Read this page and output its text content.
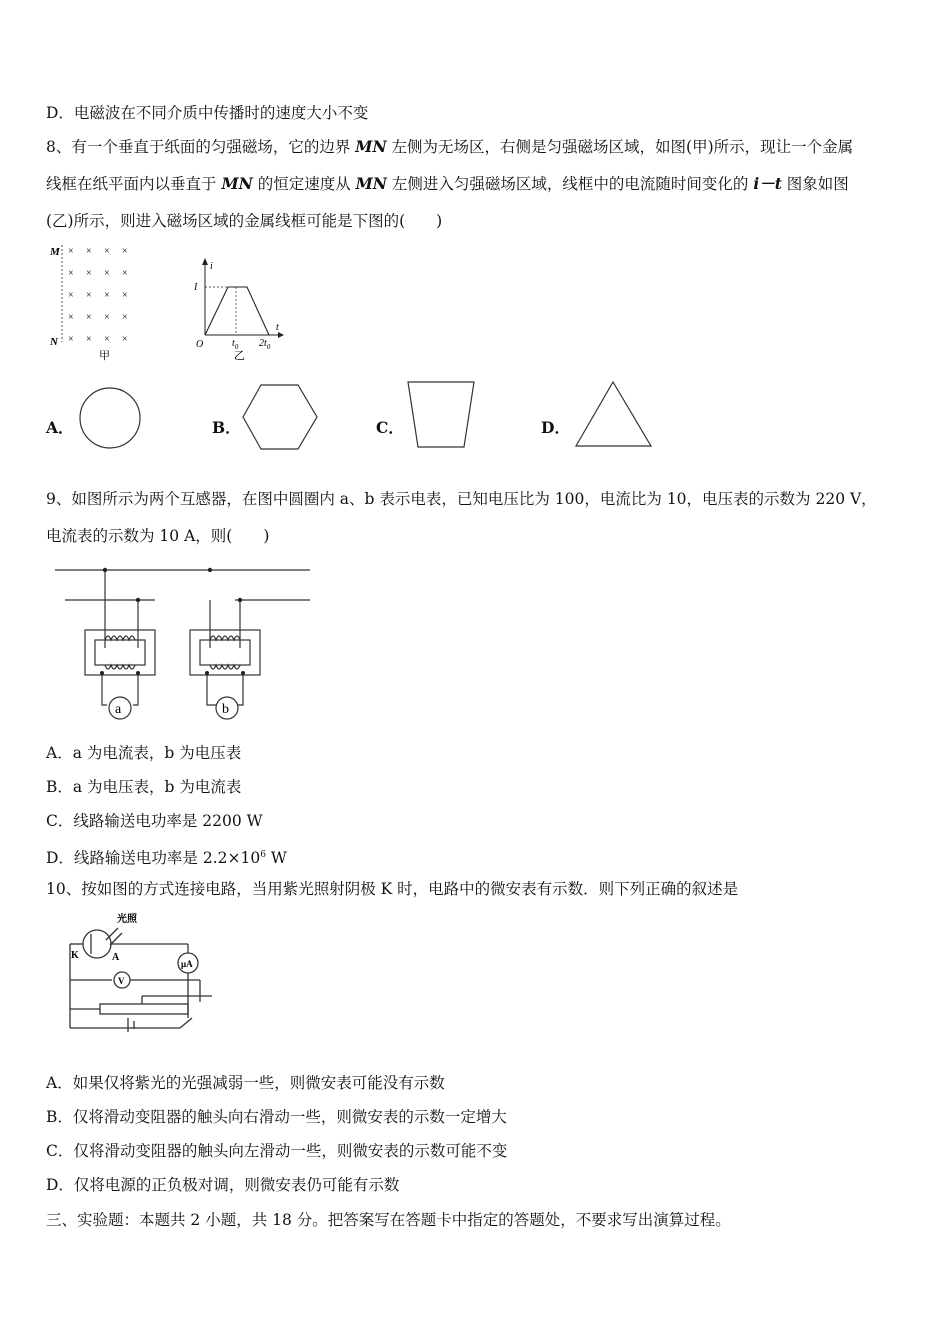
D．电磁波在不同介质中传播时的速度大小不变
8、有一个垂直于纸面的匀强磁场，它的边界 MN 左侧为无场区，右侧是匀强磁场区域，如图(甲)所示，现让一个金属
线框在纸平面内以垂直于 MN 的恒定速度从 MN 左侧进入匀强磁场区域，线框中的电流随时间变化的 i－t 图象如图
(乙)所示，则进入磁场区域的金属线框可能是下图的(　　)
M
N
× × × ×
× × × ×
× × × ×
× × × ×
× × × ×
甲
i
t
I
O	$t_0$ $2t_0$
乙
A．	B．	C．	D．
9、如图所示为两个互感器，在图中圆圈内 a、b 表示电表，已知电压比为 100，电流比为 10，电压表的示数为 220 V，
电流表的示数为 10 A，则(　　)
a	b
A．a 为电流表，b 为电压表
B．a 为电压表，b 为电流表
C．线路输送电功率是 2200 W
D．线路输送电功率是 $2.2\times 10^6$ W
10、按如图的方式连接电路，当用紫光照射阴极 K 时，电路中的微安表有示数．则下列正确的叙述是
光照
K	A
μA
V
A．如果仅将紫光的光强减弱一些，则微安表可能没有示数
B．仅将滑动变阻器的触头向右滑动一些，则微安表的示数一定增大
C．仅将滑动变阻器的触头向左滑动一些，则微安表的示数可能不变
D．仅将电源的正负极对调，则微安表仍可能有示数
三、实验题：本题共 2 小题，共 18 分。把答案写在答题卡中指定的答题处，不要求写出演算过程。
